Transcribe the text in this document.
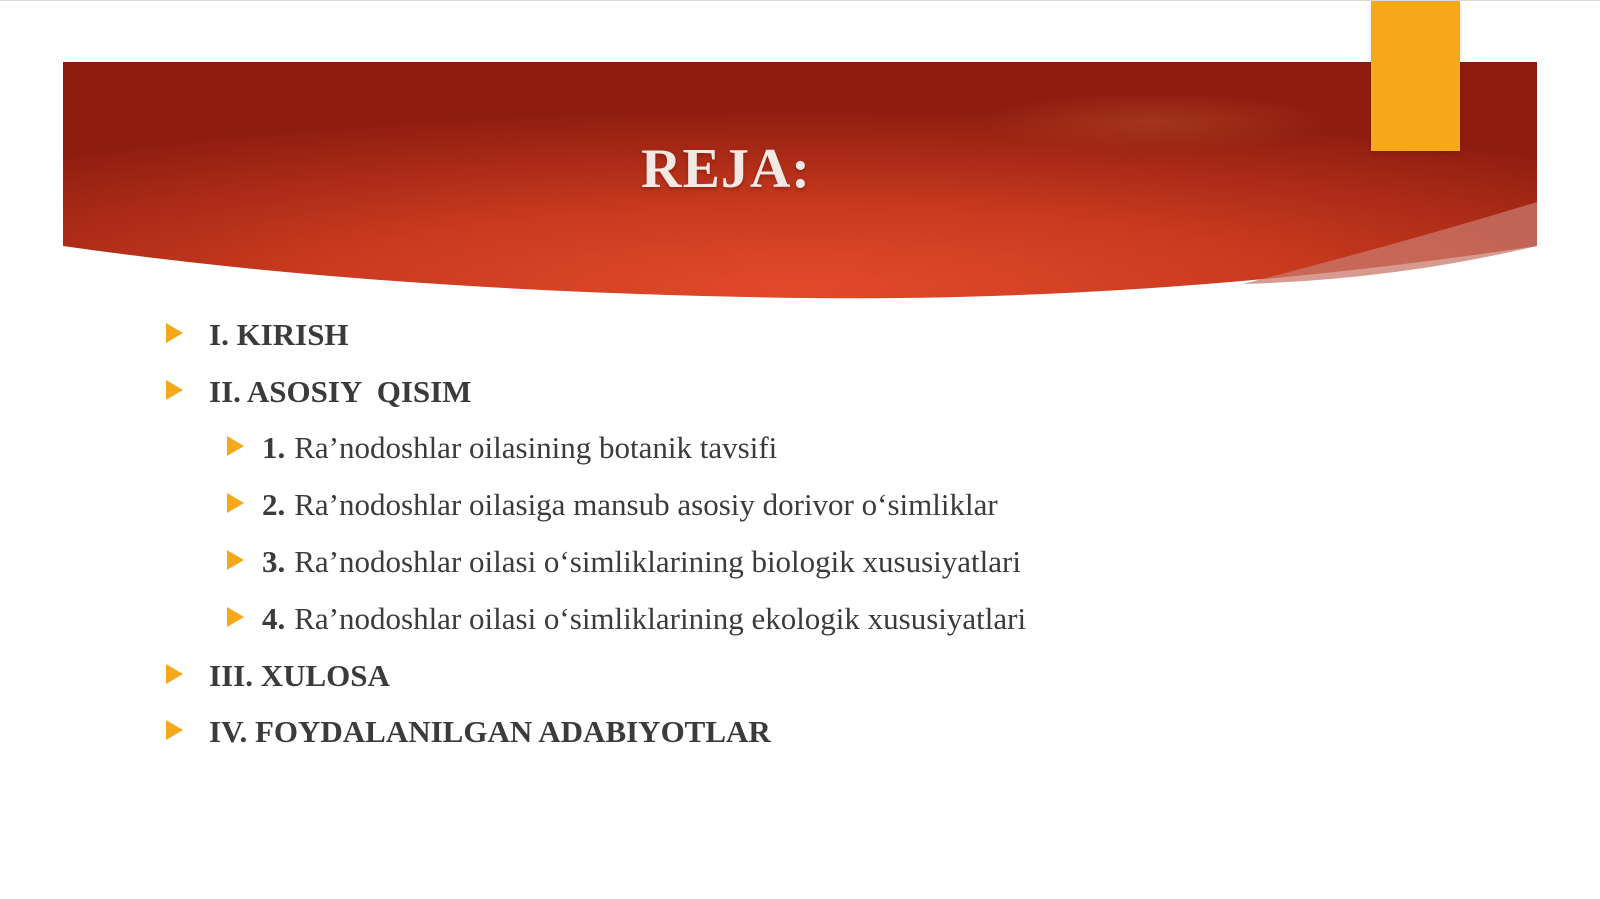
REJA:
I. KIRISH
II. ASOSIY  QISIM
1. Ra’nodoshlar oilasining botanik tavsifi
2. Ra’nodoshlar oilasiga mansub asosiy dorivor o‘simliklar
3. Ra’nodoshlar oilasi o‘simliklarining biologik xususiyatlari
4. Ra’nodoshlar oilasi o‘simliklarining ekologik xususiyatlari
III. XULOSA
IV. FOYDALANILGAN ADABIYOTLAR
